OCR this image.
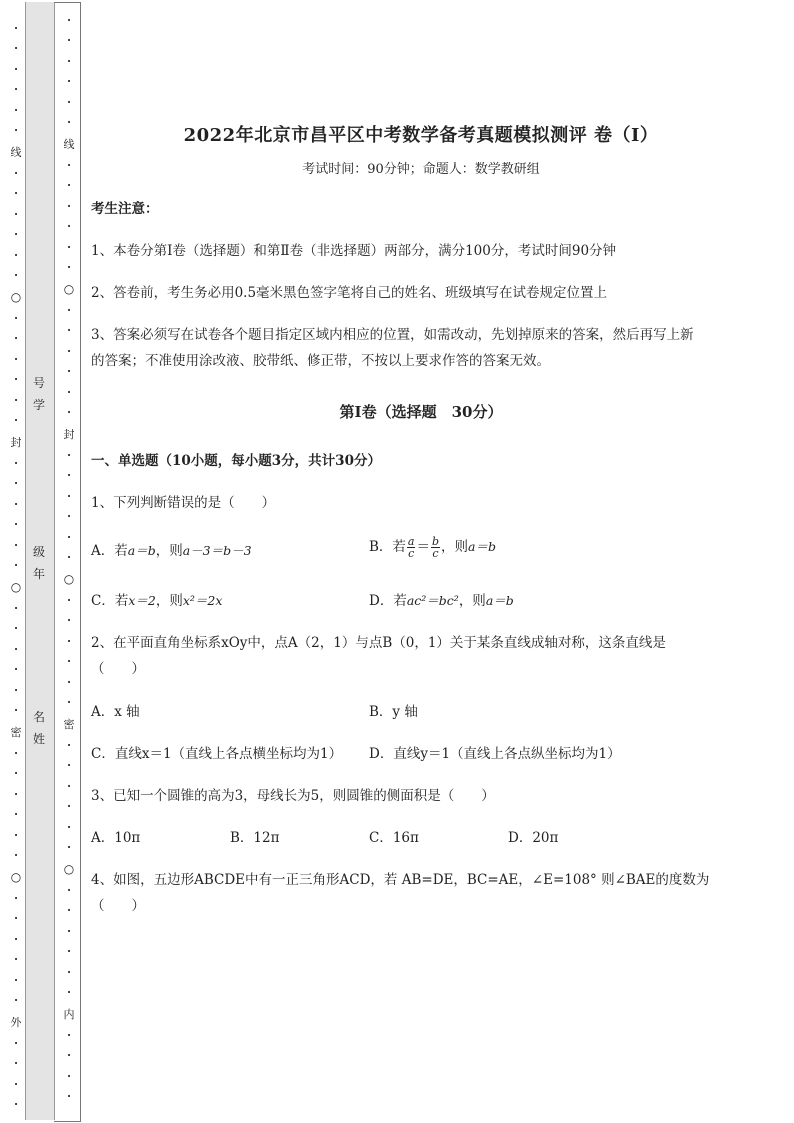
·
·
·
·
·
·
线
·
·
·
·
·
·
○
·
·
·
·
·
·
封
·
·
·
·
·
·
○
·
·
·
·
·
·
密
·
·
·
·
·
·
○
·
·
·
·
·
·
外
·
·
·
·
·
·
·
·
·
·
线
·
·
·
·
·
·
○
·
·
·
·
·
·
封
·
·
·
·
·
·
○
·
·
·
·
·
·
密
·
·
·
·
·
·
○
·
·
·
·
·
·
内
·
·
·
·
号
学
级
年
名
姓
2022年北京市昌平区中考数学备考真题模拟测评 卷（Ⅰ）
考试时间：90分钟；命题人：数学教研组
考生注意：
1、本卷分第I卷（选择题）和第Ⅱ卷（非选择题）两部分，满分100分，考试时间90分钟
2、答卷前，考生务必用0.5毫米黑色签字笔将自己的姓名、班级填写在试卷规定位置上
3、答案必须写在试卷各个题目指定区域内相应的位置，如需改动，先划掉原来的答案，然后再写上新
的答案；不准使用涂改液、胶带纸、修正带，不按以上要求作答的答案无效。
第Ⅰ卷（选择题　30分）
一、单选题（10小题，每小题3分，共计30分）
1、下列判断错误的是（　　）
A．若a＝b，则a－3＝b－3	B．若 $\frac{a}{c} = \frac{b}{c}$ ，则a＝b
C．若x＝2，则x²＝2x	D．若ac²＝bc²，则a＝b
2、在平面直角坐标系xOy中，点A（2，1）与点B（0，1）关于某条直线成轴对称，这条直线是
（　　）
A．x 轴	B．y 轴
C．直线x＝1（直线上各点横坐标均为1） D．直线y＝1（直线上各点纵坐标均为1）
3、已知一个圆锥的高为3，母线长为5，则圆锥的侧面积是（　　）
A．10π	B．12π	C．16π	D．20π
4、如图，五边形ABCDE中有一正三角形ACD，若 AB=DE，BC=AE，∠E=108° 则∠BAE的度数为
（　　）
